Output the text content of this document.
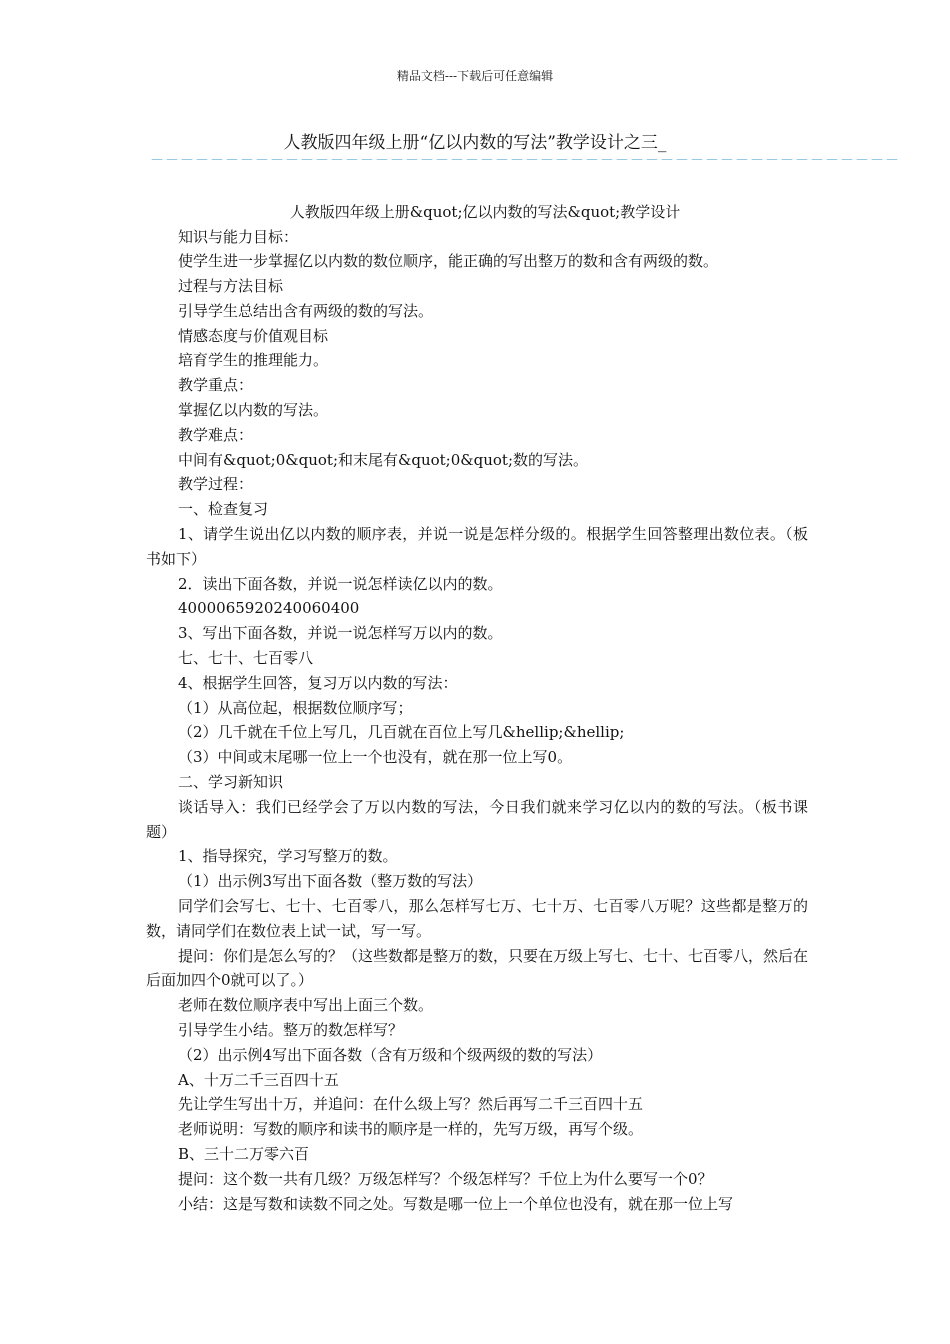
精品文档---下载后可任意编辑
人教版四年级上册“亿以内数的写法”教学设计之三_
－－－－－－－－－－－－－－－－－－－－－－－－－－－－－－－－－－－－－－－－－－－－－－－－－－

人教版四年级上册&quot;亿以内数的写法&quot;教学设计

知识与能力目标：

使学生进一步掌握亿以内数的数位顺序，能正确的写出整万的数和含有两级的数。

过程与方法目标

引导学生总结出含有两级的数的写法。

情感态度与价值观目标

培育学生的推理能力。

教学重点：

掌握亿以内数的写法。

教学难点：

中间有&quot;0&quot;和末尾有&quot;0&quot;数的写法。

教学过程：

一、检查复习

1、请学生说出亿以内数的顺序表，并说一说是怎样分级的。根据学生回答整理出数位表。（板书如下）

2．读出下面各数，并说一说怎样读亿以内的数。

4000065920240060400

3、写出下面各数，并说一说怎样写万以内的数。

七、七十、七百零八

4、根据学生回答，复习万以内数的写法：

（1）从高位起，根据数位顺序写；

（2）几千就在千位上写几，几百就在百位上写几&hellip;&hellip;

（3）中间或末尾哪一位上一个也没有，就在那一位上写0。

二、学习新知识

谈话导入：我们已经学会了万以内数的写法，今日我们就来学习亿以内的数的写法。（板书课题）

1、指导探究，学习写整万的数。

（1）出示例3写出下面各数（整万数的写法）

同学们会写七、七十、七百零八，那么怎样写七万、七十万、七百零八万呢？这些都是整万的数，请同学们在数位表上试一试，写一写。

提问：你们是怎么写的？（这些数都是整万的数，只要在万级上写七、七十、七百零八，然后在后面加四个0就可以了。）

老师在数位顺序表中写出上面三个数。

引导学生小结。整万的数怎样写？

（2）出示例4写出下面各数（含有万级和个级两级的数的写法）

A、十万二千三百四十五

先让学生写出十万，并追问：在什么级上写？然后再写二千三百四十五

老师说明：写数的顺序和读书的顺序是一样的，先写万级，再写个级。

B、三十二万零六百

提问：这个数一共有几级？万级怎样写？个级怎样写？千位上为什么要写一个0？

小结：这是写数和读数不同之处。写数是哪一位上一个单位也没有，就在那一位上写
